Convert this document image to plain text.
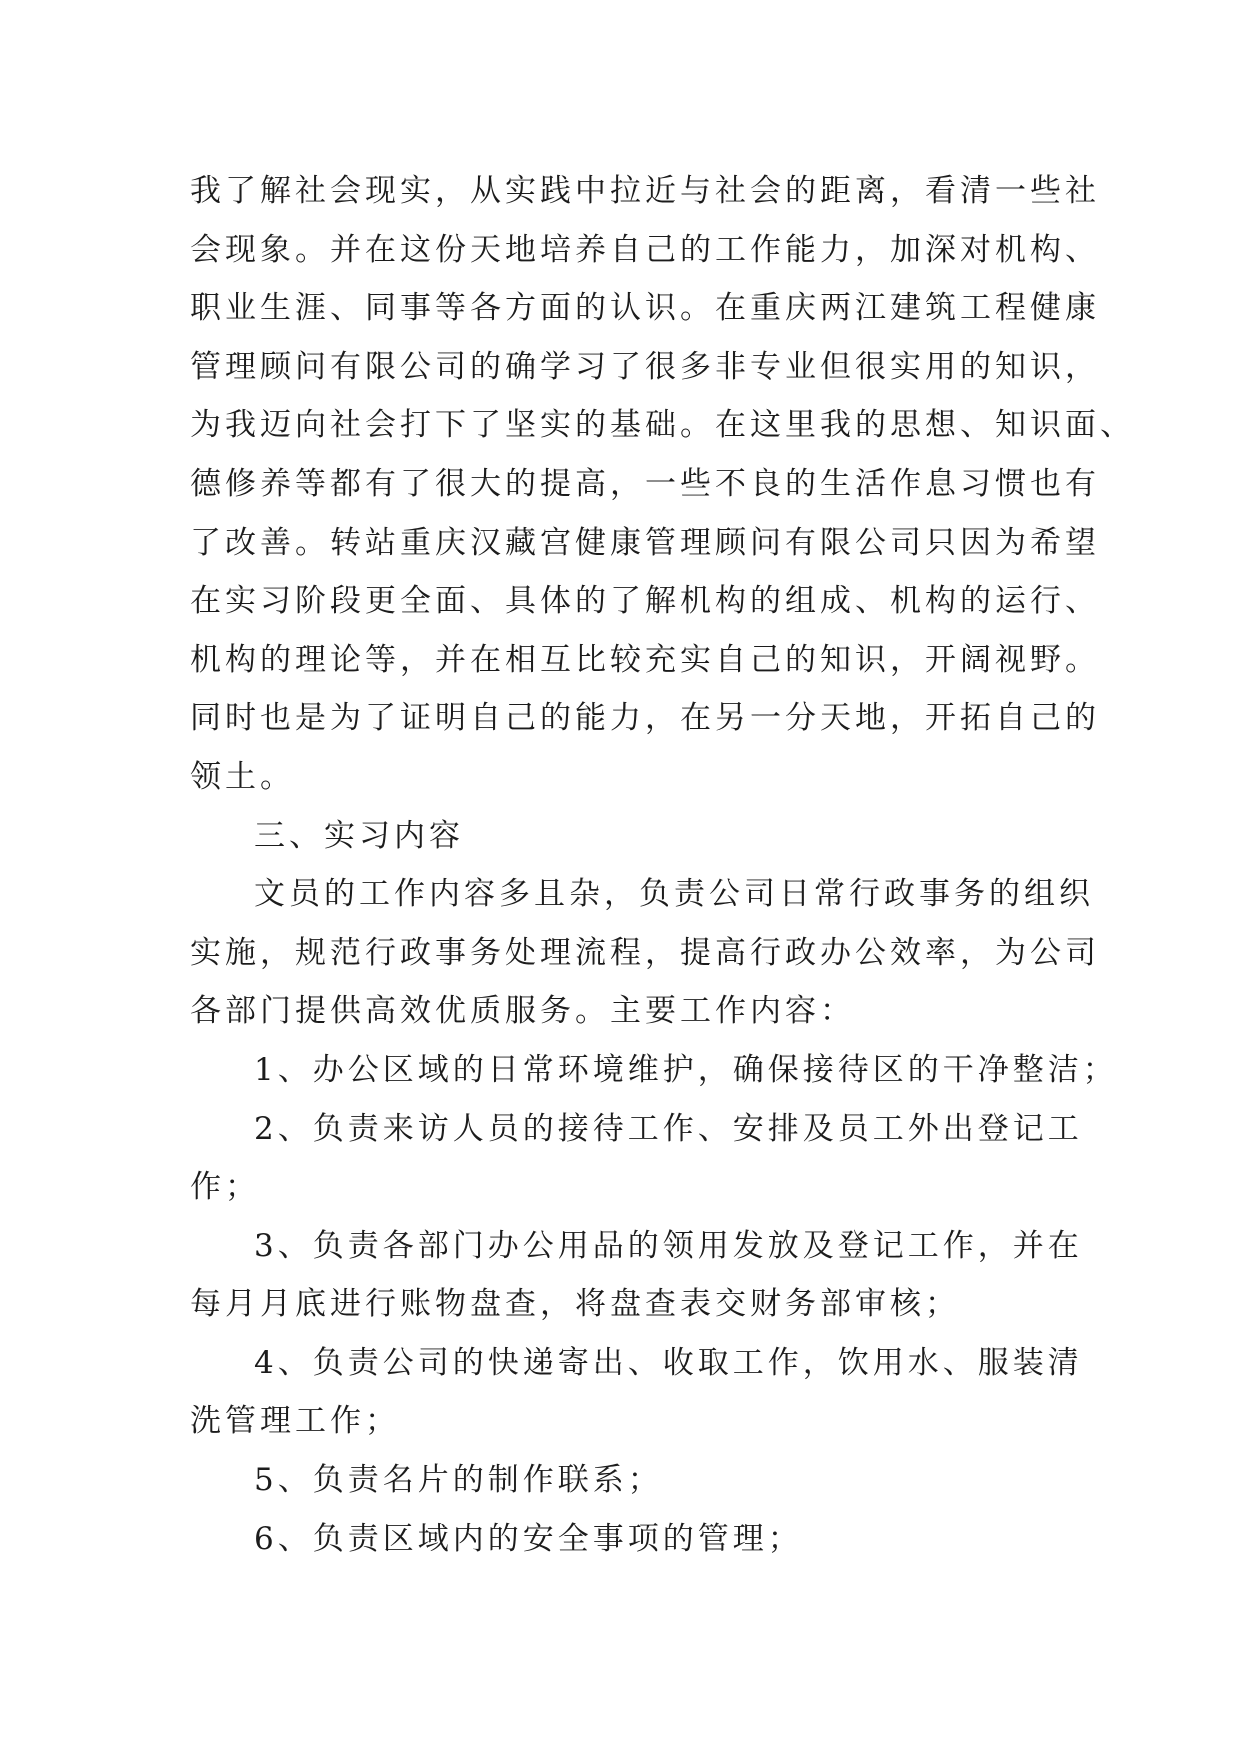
我了解社会现实，从实践中拉近与社会的距离，看清一些社
会现象。并在这份天地培养自己的工作能力，加深对机构、
职业生涯、同事等各方面的认识。在重庆两江建筑工程健康
管理顾问有限公司的确学习了很多非专业但很实用的知识，
为我迈向社会打下了坚实的基础。在这里我的思想、知识面、
德修养等都有了很大的提高，一些不良的生活作息习惯也有
了改善。转站重庆汉藏宫健康管理顾问有限公司只因为希望
在实习阶段更全面、具体的了解机构的组成、机构的运行、
机构的理论等，并在相互比较充实自己的知识，开阔视野。
同时也是为了证明自己的能力，在另一分天地，开拓自己的
领土。
三、实习内容
文员的工作内容多且杂，负责公司日常行政事务的组织
实施，规范行政事务处理流程，提高行政办公效率，为公司
各部门提供高效优质服务。主要工作内容：
1、办公区域的日常环境维护，确保接待区的干净整洁；
2、负责来访人员的接待工作、安排及员工外出登记工
作；
3、负责各部门办公用品的领用发放及登记工作，并在
每月月底进行账物盘查，将盘查表交财务部审核；
4、负责公司的快递寄出、收取工作，饮用水、服装清
洗管理工作；
5、负责名片的制作联系；
6、负责区域内的安全事项的管理；
